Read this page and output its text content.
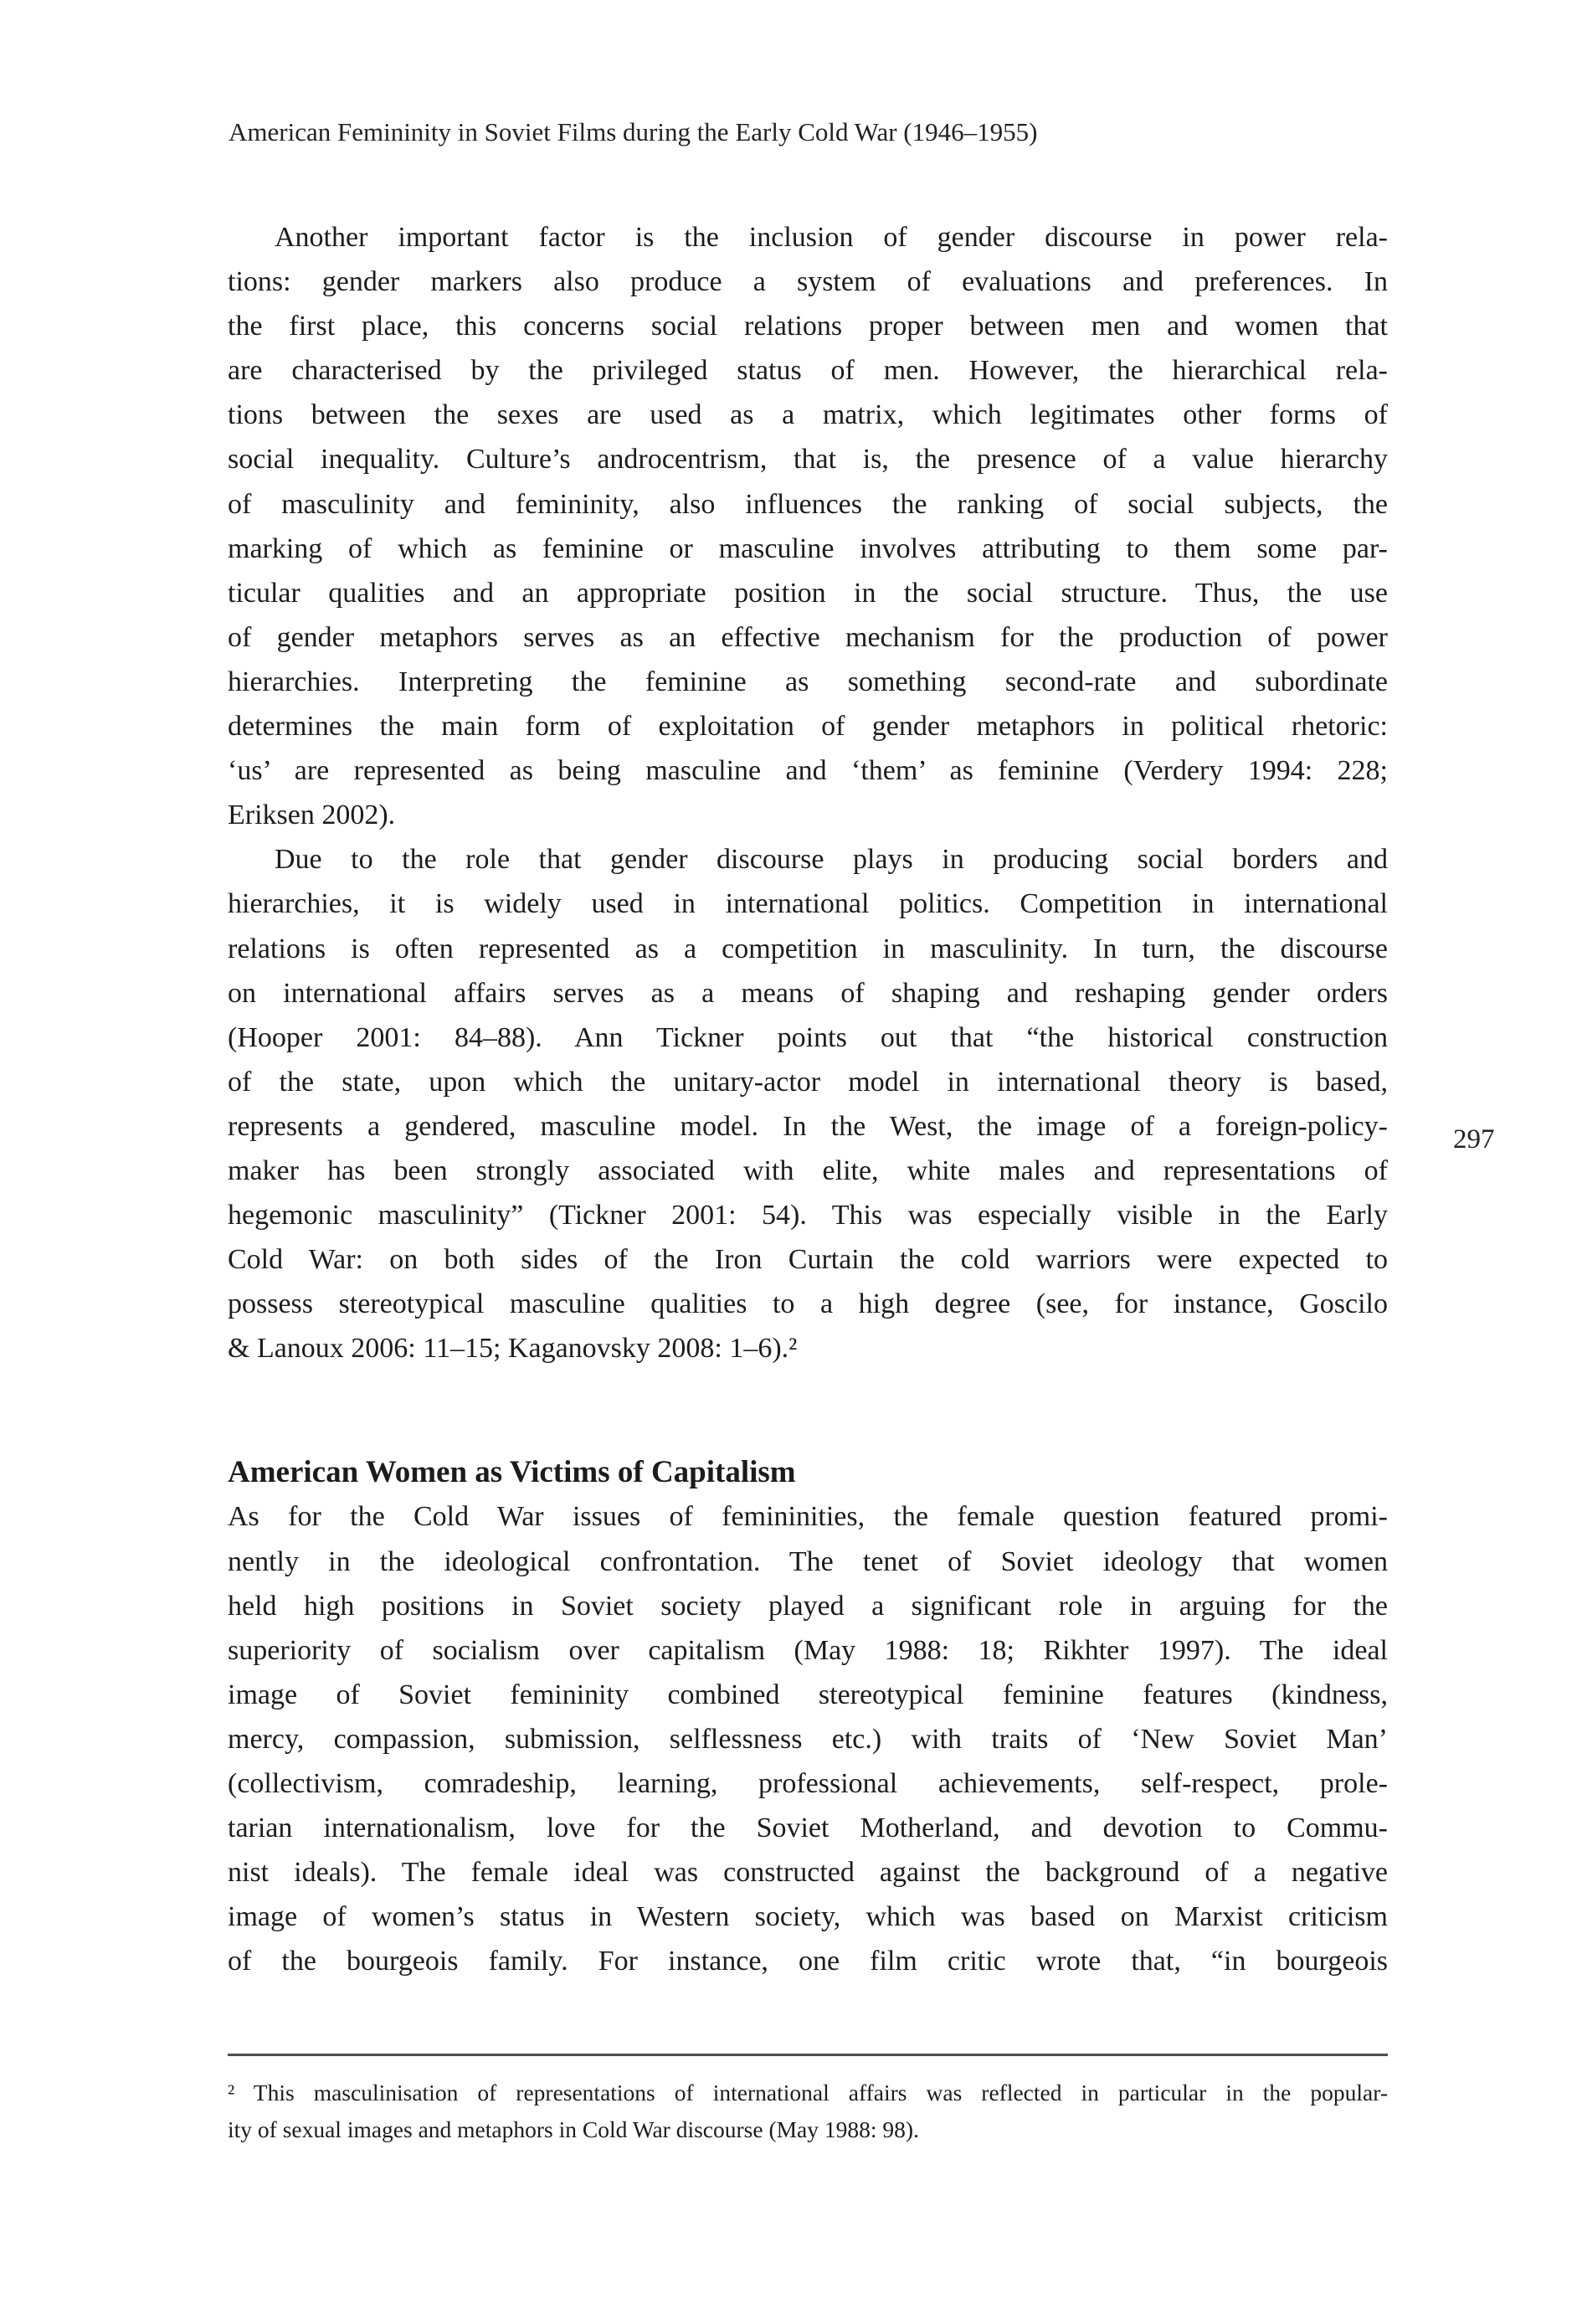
American Femininity in Soviet Films during the Early Cold War (1946–1955)
297
Another important factor is the inclusion of gender discourse in power rela-
tions: gender markers also produce a system of evaluations and preferences. In
the first place, this concerns social relations proper between men and women that
are characterised by the privileged status of men. However, the hierarchical rela-
tions between the sexes are used as a matrix, which legitimates other forms of
social inequality. Culture’s androcentrism, that is, the presence of a value hierarchy
of masculinity and femininity, also influences the ranking of social subjects, the
marking of which as feminine or masculine involves attributing to them some par-
ticular qualities and an appropriate position in the social structure. Thus, the use
of gender metaphors serves as an effective mechanism for the production of power
hierarchies. Interpreting the feminine as something second-rate and subordinate
determines the main form of exploitation of gender metaphors in political rhetoric:
‘us’ are represented as being masculine and ‘them’ as feminine (Verdery 1994: 228;
Eriksen 2002).
Due to the role that gender discourse plays in producing social borders and
hierarchies, it is widely used in international politics. Competition in international
relations is often represented as a competition in masculinity. In turn, the discourse
on international affairs serves as a means of shaping and reshaping gender orders
(Hooper 2001: 84–88). Ann Tickner points out that “the historical construction
of the state, upon which the unitary-actor model in international theory is based,
represents a gendered, masculine model. In the West, the image of a foreign-policy-
maker has been strongly associated with elite, white males and representations of
hegemonic masculinity” (Tickner 2001: 54). This was especially visible in the Early
Cold War: on both sides of the Iron Curtain the cold warriors were expected to
possess stereotypical masculine qualities to a high degree (see, for instance, Goscilo
& Lanoux 2006: 11–15; Kaganovsky 2008: 1–6).²
American Women as Victims of Capitalism
As for the Cold War issues of femininities, the female question featured promi-
nently in the ideological confrontation. The tenet of Soviet ideology that women
held high positions in Soviet society played a significant role in arguing for the
superiority of socialism over capitalism (May 1988: 18; Rikhter 1997). The ideal
image of Soviet femininity combined stereotypical feminine features (kindness,
mercy, compassion, submission, selflessness etc.) with traits of ‘New Soviet Man’
(collectivism, comradeship, learning, professional achievements, self-respect, prole-
tarian internationalism, love for the Soviet Motherland, and devotion to Commu-
nist ideals). The female ideal was constructed against the background of a negative
image of women’s status in Western society, which was based on Marxist criticism
of the bourgeois family. For instance, one film critic wrote that, “in bourgeois
² This masculinisation of representations of international affairs was reflected in particular in the popular-
ity of sexual images and metaphors in Cold War discourse (May 1988: 98).
